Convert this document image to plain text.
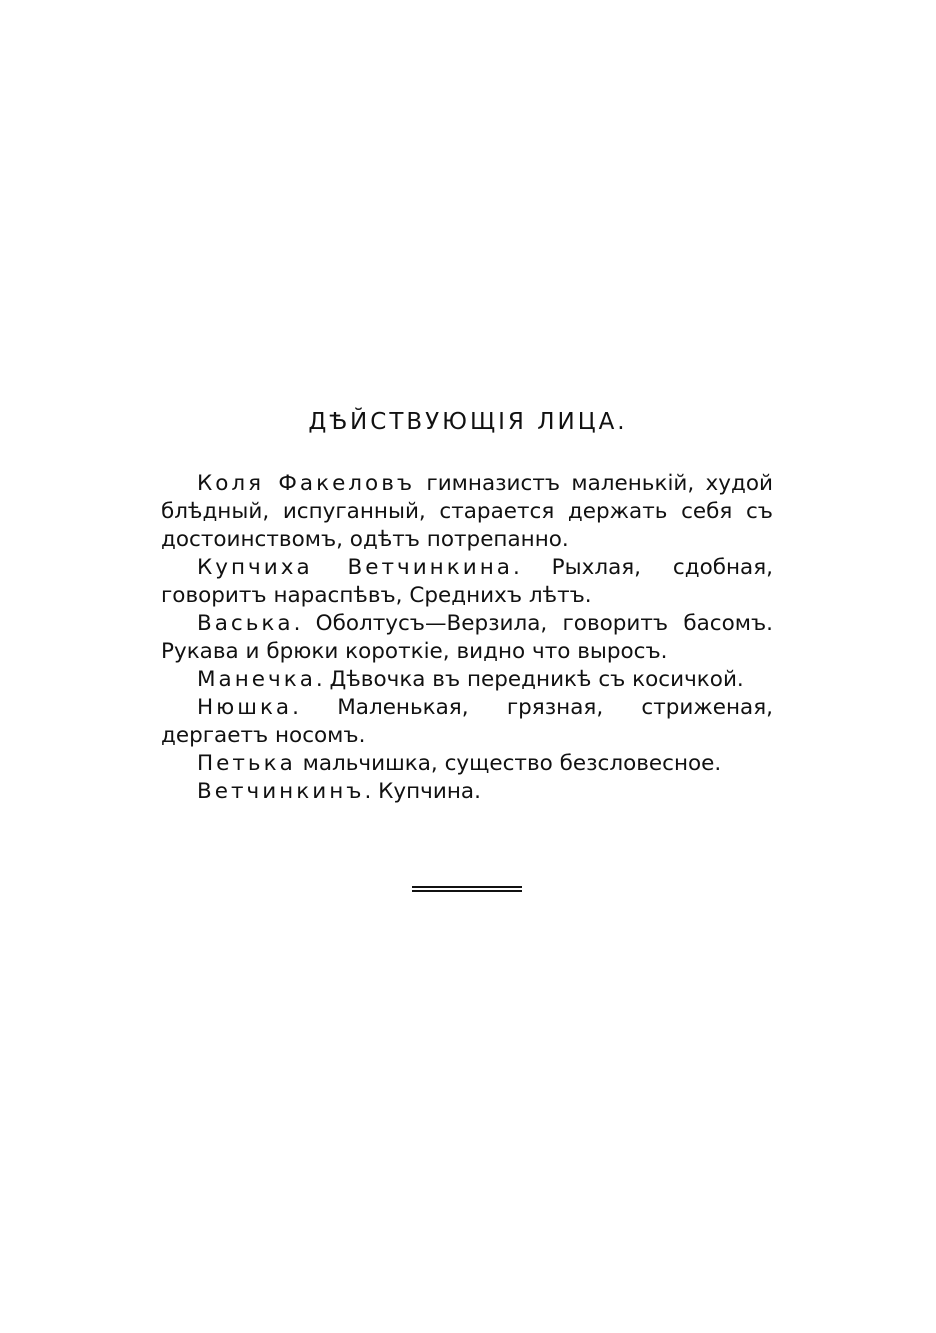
ДѢЙСТВУЮЩІЯ ЛИЦА.

Коля Факеловъ гимназистъ маленькій, худой блѣдный, испуганный, старается держать себя съ достоинствомъ, одѣтъ потрепанно.

Купчиха Ветчинкина. Рыхлая, сдобная, говоритъ нараспѣвъ, Среднихъ лѣтъ.

Васька. Оболтусъ—Верзила, говоритъ басомъ. Рукава и брюки короткіе, видно что выросъ.

Манечка. Дѣвочка въ передникѣ съ косичкой.

Нюшка. Маленькая, грязная, стриженая, дергаетъ носомъ.

Петька мальчишка, существо безсловесное.

Ветчинкинъ. Купчина.
